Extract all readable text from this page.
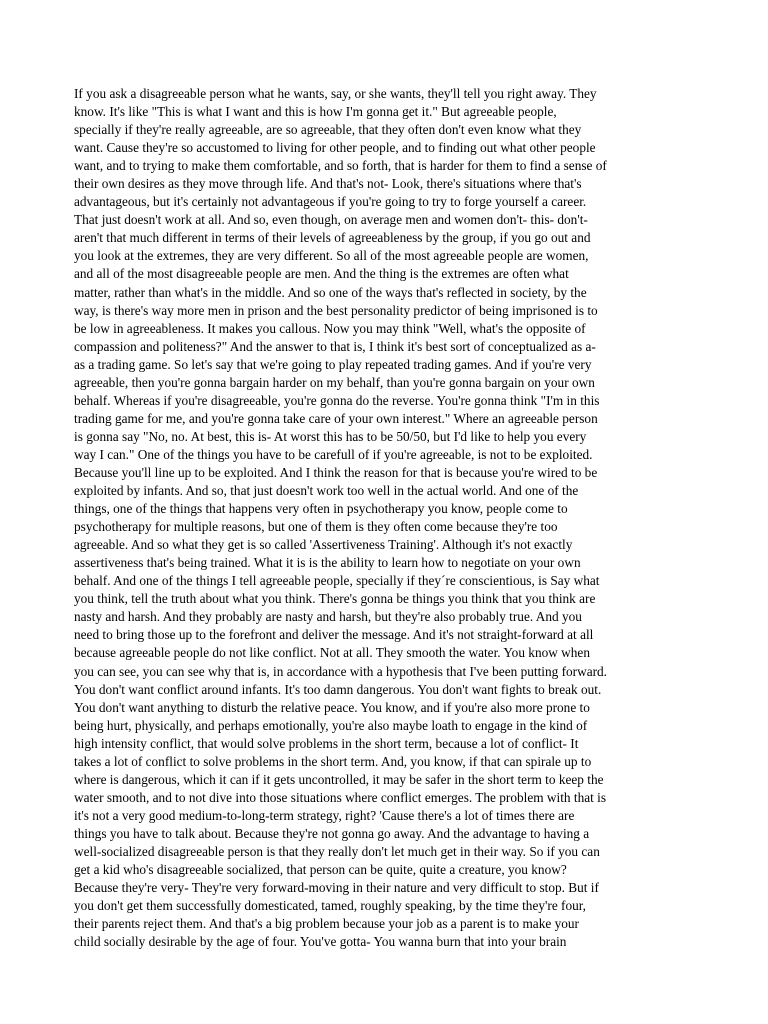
If you ask a disagreeable person what he wants, say, or she wants, they'll tell you right away. They
know. It's like "This is what I want and this is how I'm gonna get it." But agreeable people,
specially if they're really agreeable, are so agreeable, that they often don't even know what they
want. Cause they're so accustomed to living for other people, and to finding out what other people
want, and to trying to make them comfortable, and so forth, that is harder for them to find a sense of
their own desires as they move through life. And that's not- Look, there's situations where that's
advantageous, but it's certainly not advantageous if you're going to try to forge yourself a career.
That just doesn't work at all. And so, even though, on average men and women don't- this- don't-
aren't that much different in terms of their levels of agreeableness by the group, if you go out and
you look at the extremes, they are very different. So all of the most agreeable people are women,
and all of the most disagreeable people are men. And the thing is the extremes are often what
matter, rather than what's in the middle. And so one of the ways that's reflected in society, by the
way, is there's way more men in prison and the best personality predictor of being imprisoned is to
be low in agreeableness. It makes you callous. Now you may think "Well, what's the opposite of
compassion and politeness?" And the answer to that is, I think it's best sort of conceptualized as a-
as a trading game. So let's say that we're going to play repeated trading games. And if you're very
agreeable, then you're gonna bargain harder on my behalf, than you're gonna bargain on your own
behalf. Whereas if you're disagreeable, you're gonna do the reverse. You're gonna think "I'm in this
trading game for me, and you're gonna take care of your own interest." Where an agreeable person
is gonna say "No, no. At best, this is- At worst this has to be 50/50, but I'd like to help you every
way I can." One of the things you have to be carefull of if you're agreeable, is not to be exploited.
Because you'll line up to be exploited. And I think the reason for that is because you're wired to be
exploited by infants. And so, that just doesn't work too well in the actual world. And one of the
things, one of the things that happens very often in psychotherapy you know, people come to
psychotherapy for multiple reasons, but one of them is they often come because they're too
agreeable. And so what they get is so called 'Assertiveness Training'. Although it's not exactly
assertiveness that's being trained. What it is is the ability to learn how to negotiate on your own
behalf. And one of the things I tell agreeable people, specially if they´re conscientious, is Say what
you think, tell the truth about what you think. There's gonna be things you think that you think are
nasty and harsh. And they probably are nasty and harsh, but they're also probably true. And you
need to bring those up to the forefront and deliver the message. And it's not straight-forward at all
because agreeable people do not like conflict. Not at all. They smooth the water. You know when
you can see, you can see why that is, in accordance with a hypothesis that I've been putting forward.
You don't want conflict around infants. It's too damn dangerous. You don't want fights to break out.
You don't want anything to disturb the relative peace. You know, and if you're also more prone to
being hurt, physically, and perhaps emotionally, you're also maybe loath to engage in the kind of
high intensity conflict, that would solve problems in the short term, because a lot of conflict- It
takes a lot of conflict to solve problems in the short term. And, you know, if that can spirale up to
where is dangerous, which it can if it gets uncontrolled, it may be safer in the short term to keep the
water smooth, and to not dive into those situations where conflict emerges. The problem with that is
it's not a very good medium-to-long-term strategy, right? 'Cause there's a lot of times there are
things you have to talk about. Because they're not gonna go away. And the advantage to having a
well-socialized disagreeable person is that they really don't let much get in their way. So if you can
get a kid who's disagreeable socialized, that person can be quite, quite a creature, you know?
Because they're very- They're very forward-moving in their nature and very difficult to stop. But if
you don't get them successfully domesticated, tamed, roughly speaking, by the time they're four,
their parents reject them. And that's a big problem because your job as a parent is to make your
child socially desirable by the age of four. You've gotta- You wanna burn that into your brain
